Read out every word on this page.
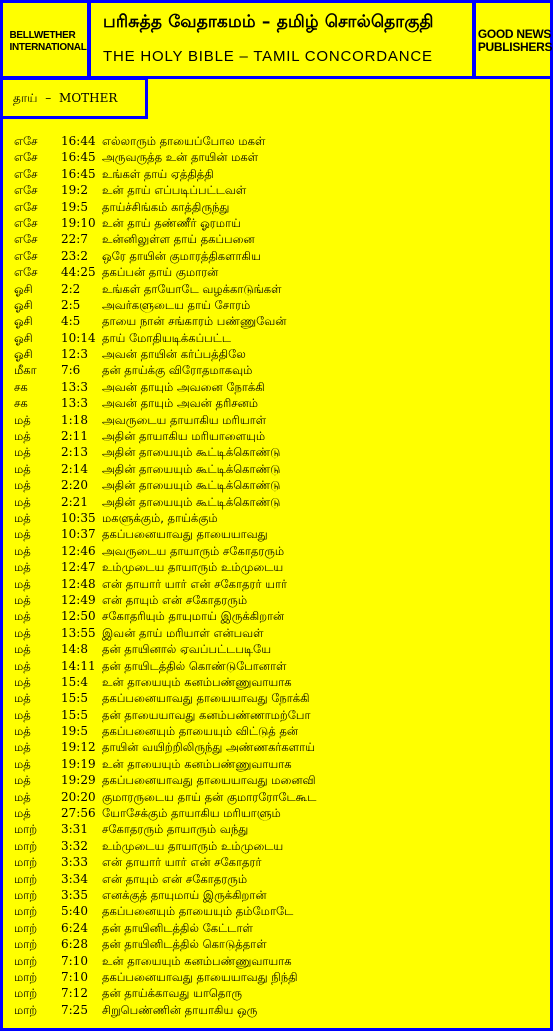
BELLWETHER
INTERNATIONAL
பரிசுத்த வேதாகமம் – தமிழ் சொல்தொகுதி
THE HOLY BIBLE – TAMIL CONCORDANCE
GOOD NEWS
PUBLISHERS
தாய் – MOTHER
எசே 16:44 எல்லாரும் தாயைப்போல மகள்
எசே 16:45 அருவருத்த உன் தாயின் மகள்
எசே 16:45 உங்கள் தாய் ஏத்தித்தி
எசே 19:2 உன் தாய் எப்படிப்பட்டவள்
எசே 19:5 தாய்ச்சிங்கம் காத்திருந்து
எசே 19:10 உன் தாய் தண்ணீர் ஓரமாய்
எசே 22:7 உன்னிலுள்ள தாய் தகப்பனை
எசே 23:2 ஒரே தாயின் குமாரத்திகளாகிய
எசே 44:25 தகப்பன் தாய் குமாரன்
ஓசி 2:2 உங்கள் தாயோடே வழக்காடுங்கள்
ஓசி 2:5 அவர்களுடைய தாய் சோரம்
ஓசி 4:5 தாயை நான் சங்காரம் பண்ணுவேன்
ஓசி 10:14 தாய் மோதியடிக்கப்பட்ட
ஓசி 12:3 அவன் தாயின் கர்ப்பத்திலே
மீகா 7:6 தன் தாய்க்கு விரோதமாகவும்
சக	13:3 அவன் தாயும் அவனை நோக்கி
சக	13:3 அவன் தாயும் அவன் தரிசனம்
மத்	1:18 அவருடைய தாயாகிய மரியாள்
மத்	2:11 அதின் தாயாகிய மரியாளையும்
மத்	2:13 அதின் தாயையும் கூட்டிக்கொண்டு
மத்	2:14 அதின் தாயையும் கூட்டிக்கொண்டு
மத்	2:20 அதின் தாயையும் கூட்டிக்கொண்டு
மத்	2:21 அதின் தாயையும் கூட்டிக்கொண்டு
மத்	10:35 மகளுக்கும், தாய்க்கும்
மத்	10:37 தகப்பனையாவது தாயையாவது
மத்	12:46 அவருடைய தாயாரும் சகோதரரும்
மத்	12:47 உம்முடைய தாயாரும் உம்முடைய
மத்	12:48 என் தாயார் யார் என் சகோதரர் யார்
மத்	12:49 என் தாயும் என் சகோதரரும்
மத்	12:50 சகோதரியும் தாயுமாய் இருக்கிறான்
மத்	13:55 இவன் தாய் மரியாள் என்பவள்
மத்	14:8 தன் தாயினால் ஏவப்பட்டபடியே
மத்	14:11 தன் தாயிடத்தில் கொண்டுபோனாள்
மத்	15:4 உன் தாயையும் கனம்பண்ணுவாயாக
மத்	15:5 தகப்பனையாவது தாயையாவது நோக்கி
மத்	15:5 தன் தாயையாவது கனம்பண்ணாமற்போ
மத்	19:5 தகப்பனையும் தாயையும் விட்டுத் தன்
மத்	19:12 தாயின் வயிற்றிலிருந்து அண்ணகர்களாய்
மத்	19:19 உன் தாயையும் கனம்பண்ணுவாயாக
மத்	19:29 தகப்பனையாவது தாயையாவது மனைவி
மத்	20:20 குமாரருடைய தாய் தன் குமாரரோடேகூட
மத்	27:56 யோசேக்கும் தாயாகிய மரியாளும்
மாற் 3:31 சகோதரரும் தாயாரும் வந்து
மாற் 3:32 உம்முடைய தாயாரும் உம்முடைய
மாற் 3:33 என் தாயார் யார் என் சகோதரர்
மாற் 3:34 என் தாயும் என் சகோதரரும்
மாற் 3:35 எனக்குத் தாயுமாய் இருக்கிறான்
மாற் 5:40 தகப்பனையும் தாயையும் தம்மோடே
மாற் 6:24 தன் தாயினிடத்தில் கேட்டாள்
மாற் 6:28 தன் தாயினிடத்தில் கொடுத்தாள்
மாற் 7:10 உன் தாயையும் கனம்பண்ணுவாயாக
மாற் 7:10 தகப்பனையாவது தாயையாவது நிந்தி
மாற் 7:12 தன் தாய்க்காவது யாதொரு
மாற் 7:25 சிறுபெண்ணின் தாயாகிய ஒரு
